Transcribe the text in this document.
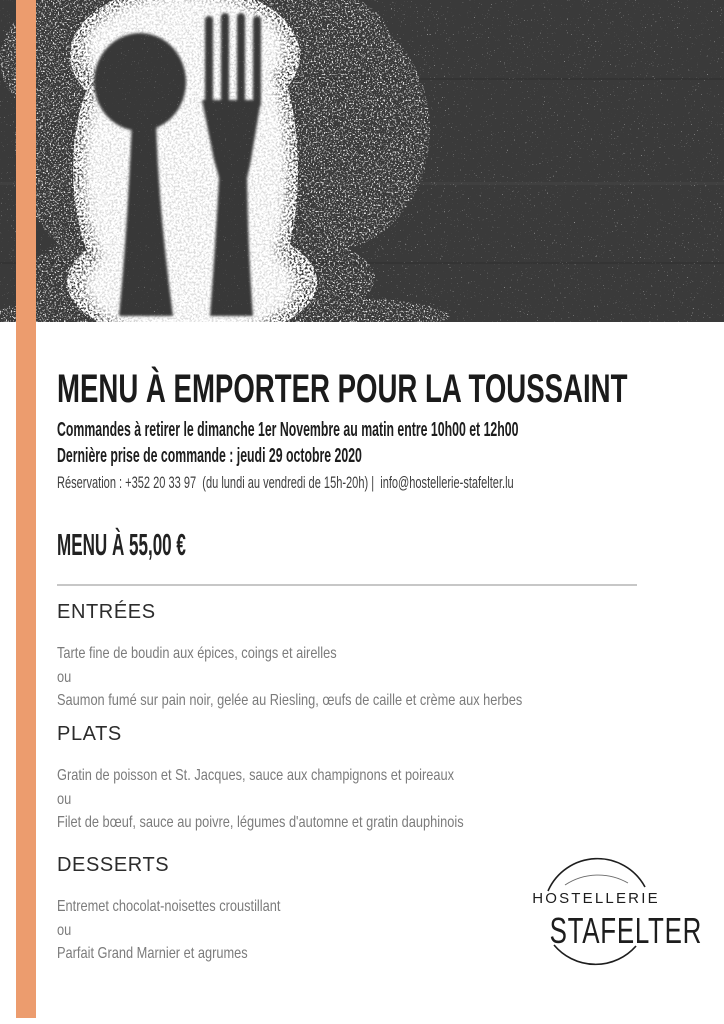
MENU À EMPORTER POUR LA TOUSSAINT
Commandes à retirer le dimanche 1er Novembre au matin entre 10h00 et 12h00
Dernière prise de commande : jeudi 29 octobre 2020
Réservation : +352 20 33 97  (du lundi au vendredi de 15h-20h) |  info@hostellerie-stafelter.lu
MENU À 55,00 €
ENTRÉES
Tarte fine de boudin aux épices, coings et airelles
ou
Saumon fumé sur pain noir, gelée au Riesling, œufs de caille et crème aux herbes
PLATS
Gratin de poisson et St. Jacques, sauce aux champignons et poireaux
ou
Filet de bœuf, sauce au poivre, légumes d'automne et gratin dauphinois
DESSERTS
Entremet chocolat-noisettes croustillant
ou
Parfait Grand Marnier et agrumes
HOSTELLERIE
STAFELTER
